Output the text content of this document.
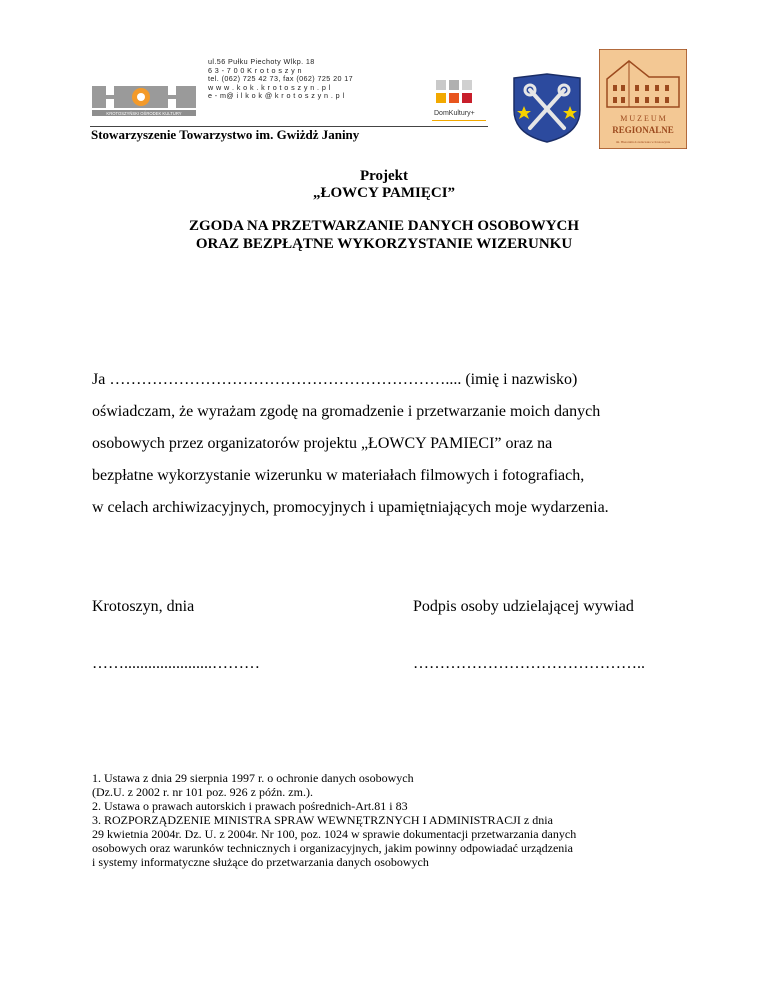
KROTOSZYŃSKI OŚRODEK KULTURY
ul.56 Pułku Piechoty Wlkp. 18
6 3 - 7 0 0 K r o t o s z y n
tel. (062) 725 42 73, fax (062) 725 20 17
w w w . k o k . k r o t o s z y n . p l
e - m@ i l k o k @ k r o t o s z y n . p l
DomKultury+
Stowarzyszenie Towarzystwo im. Gwiżdż Janiny
M U Z E U M
REGIONALNE
im. Hieronima Ławniczaka w Krotoszynie
Projekt
„ŁOWCY PAMIĘCI”
ZGODA NA PRZETWARZANIE DANYCH OSOBOWYCH
ORAZ BEZPŁĄTNE WYKORZYSTANIE WIZERUNKU
Ja ……………………………………………………….... (imię i nazwisko)
oświadczam, że wyrażam zgodę na gromadzenie i przetwarzanie moich danych
osobowych przez organizatorów projektu „ŁOWCY PAMIECI” oraz na
bezpłatne wykorzystanie wizerunku w materiałach filmowych i fotografiach,
w celach archiwizacyjnych, promocyjnych i upamiętniających moje wydarzenia.
Krotoszyn, dnia	Podpis osoby udzielającej wywiad
……......................………	……………………………………..
1. Ustawa z dnia 29 sierpnia 1997 r. o ochronie danych osobowych
(Dz.U. z 2002 r. nr 101 poz. 926 z późn. zm.).
2. Ustawa o prawach autorskich i prawach pośrednich-Art.81 i 83
3. ROZPORZĄDZENIE MINISTRA SPRAW WEWNĘTRZNYCH I ADMINISTRACJI z dnia
29 kwietnia 2004r. Dz. U. z 2004r. Nr 100, poz. 1024 w sprawie dokumentacji przetwarzania danych
osobowych oraz warunków technicznych i organizacyjnych, jakim powinny odpowiadać urządzenia
i systemy informatyczne służące do przetwarzania danych osobowych
